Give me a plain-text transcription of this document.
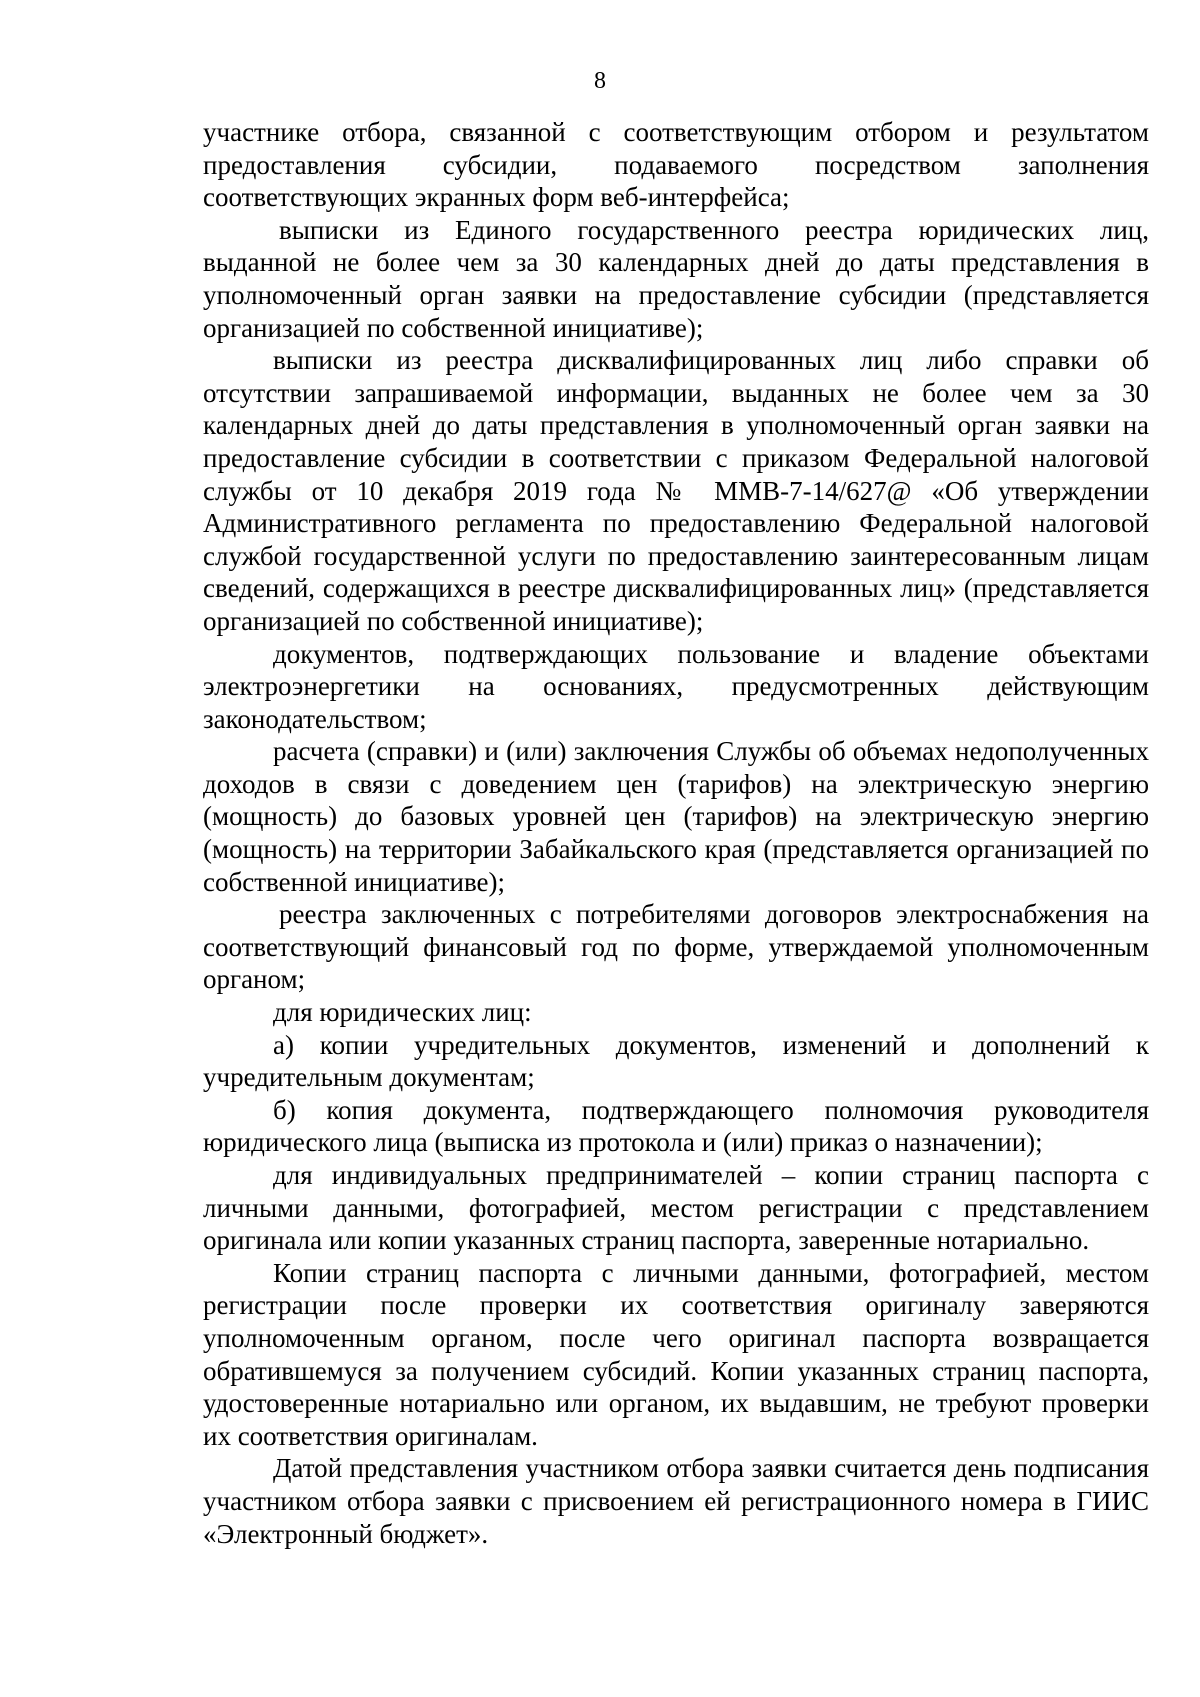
8

участнике отбора, связанной с соответствующим отбором и результатом предоставления субсидии, подаваемого посредством заполнения соответствующих экранных форм веб-интерфейса;

выписки из Единого государственного реестра юридических лиц, выданной не более чем за 30 календарных дней до даты представления в уполномоченный орган заявки на предоставление субсидии (представляется организацией по собственной инициативе);

выписки из реестра дисквалифицированных лиц либо справки об отсутствии запрашиваемой информации, выданных не более чем за 30 календарных дней до даты представления в уполномоченный орган заявки на предоставление субсидии в соответствии с приказом Федеральной налоговой службы от 10 декабря 2019 года № ММВ-7-14/627@ «Об утверждении Административного регламента по предоставлению Федеральной налоговой службой государственной услуги по предоставлению заинтересованным лицам сведений, содержащихся в реестре дисквалифицированных лиц» (представляется организацией по собственной инициативе);

документов, подтверждающих пользование и владение объектами электроэнергетики на основаниях, предусмотренных действующим законодательством;

расчета (справки) и (или) заключения Службы об объемах недополученных доходов в связи с доведением цен (тарифов) на электрическую энергию (мощность) до базовых уровней цен (тарифов) на электрическую энергию (мощность) на территории Забайкальского края (представляется организацией по собственной инициативе);

реестра заключенных с потребителями договоров электроснабжения на соответствующий финансовый год по форме, утверждаемой уполномоченным органом;

для юридических лиц:

а) копии учредительных документов, изменений и дополнений к учредительным документам;

б) копия документа, подтверждающего полномочия руководителя юридического лица (выписка из протокола и (или) приказ о назначении);

для индивидуальных предпринимателей – копии страниц паспорта с личными данными, фотографией, местом регистрации с представлением оригинала или копии указанных страниц паспорта, заверенные нотариально.

Копии страниц паспорта с личными данными, фотографией, местом регистрации после проверки их соответствия оригиналу заверяются уполномоченным органом, после чего оригинал паспорта возвращается обратившемуся за получением субсидий. Копии указанных страниц паспорта, удостоверенные нотариально или органом, их выдавшим, не требуют проверки их соответствия оригиналам.

Датой представления участником отбора заявки считается день подписания участником отбора заявки с присвоением ей регистрационного номера в ГИИС «Электронный бюджет».
